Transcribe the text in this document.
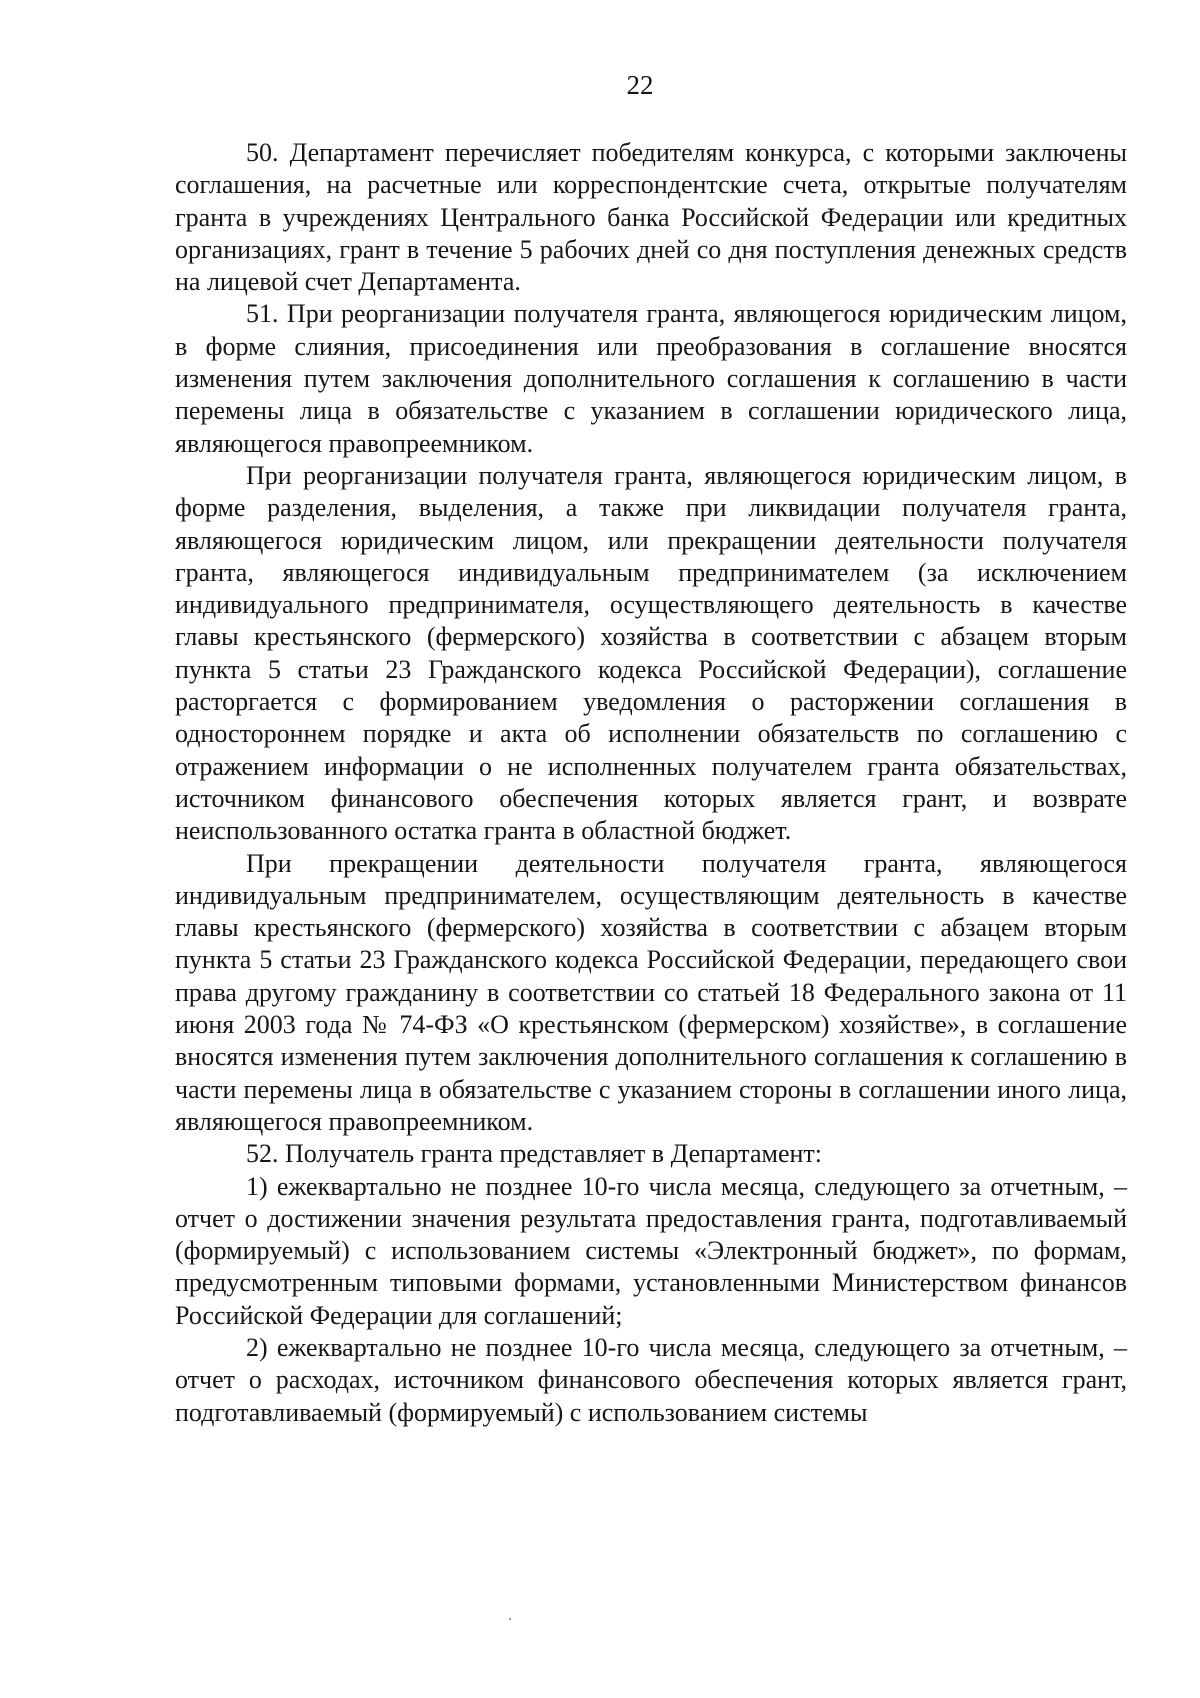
22

50. Департамент перечисляет победителям конкурса, с которыми заключены соглашения, на расчетные или корреспондентские счета, открытые получателям гранта в учреждениях Центрального банка Российской Федерации или кредитных организациях, грант в течение 5 рабочих дней со дня поступления денежных средств на лицевой счет Департамента.

51. При реорганизации получателя гранта, являющегося юридическим лицом, в форме слияния, присоединения или преобразования в соглашение вносятся изменения путем заключения дополнительного соглашения к соглашению в части перемены лица в обязательстве с указанием в соглашении юридического лица, являющегося правопреемником.

При реорганизации получателя гранта, являющегося юридическим лицом, в форме разделения, выделения, а также при ликвидации получателя гранта, являющегося юридическим лицом, или прекращении деятельности получателя гранта, являющегося индивидуальным предпринимателем (за исключением индивидуального предпринимателя, осуществляющего деятельность в качестве главы крестьянского (фермерского) хозяйства в соответствии с абзацем вторым пункта 5 статьи 23 Гражданского кодекса Российской Федерации), соглашение расторгается с формированием уведомления о расторжении соглашения в одностороннем порядке и акта об исполнении обязательств по соглашению с отражением информации о не исполненных получателем гранта обязательствах, источником финансового обеспечения которых является грант, и возврате неиспользованного остатка гранта в областной бюджет.

При прекращении деятельности получателя гранта, являющегося индивидуальным предпринимателем, осуществляющим деятельность в качестве главы крестьянского (фермерского) хозяйства в соответствии с абзацем вторым пункта 5 статьи 23 Гражданского кодекса Российской Федерации, передающего свои права другому гражданину в соответствии со статьей 18 Федерального закона от 11 июня 2003 года № 74-ФЗ «О крестьянском (фермерском) хозяйстве», в соглашение вносятся изменения путем заключения дополнительного соглашения к соглашению в части перемены лица в обязательстве с указанием стороны в соглашении иного лица, являющегося правопреемником.

52. Получатель гранта представляет в Департамент:

1) ежеквартально не позднее 10-го числа месяца, следующего за отчетным, – отчет о достижении значения результата предоставления гранта, подготавливаемый (формируемый) с использованием системы «Электронный бюджет», по формам, предусмотренным типовыми формами, установленными Министерством финансов Российской Федерации для соглашений;

2) ежеквартально не позднее 10-го числа месяца, следующего за отчетным, – отчет о расходах, источником финансового обеспечения которых является грант, подготавливаемый (формируемый) с использованием системы
